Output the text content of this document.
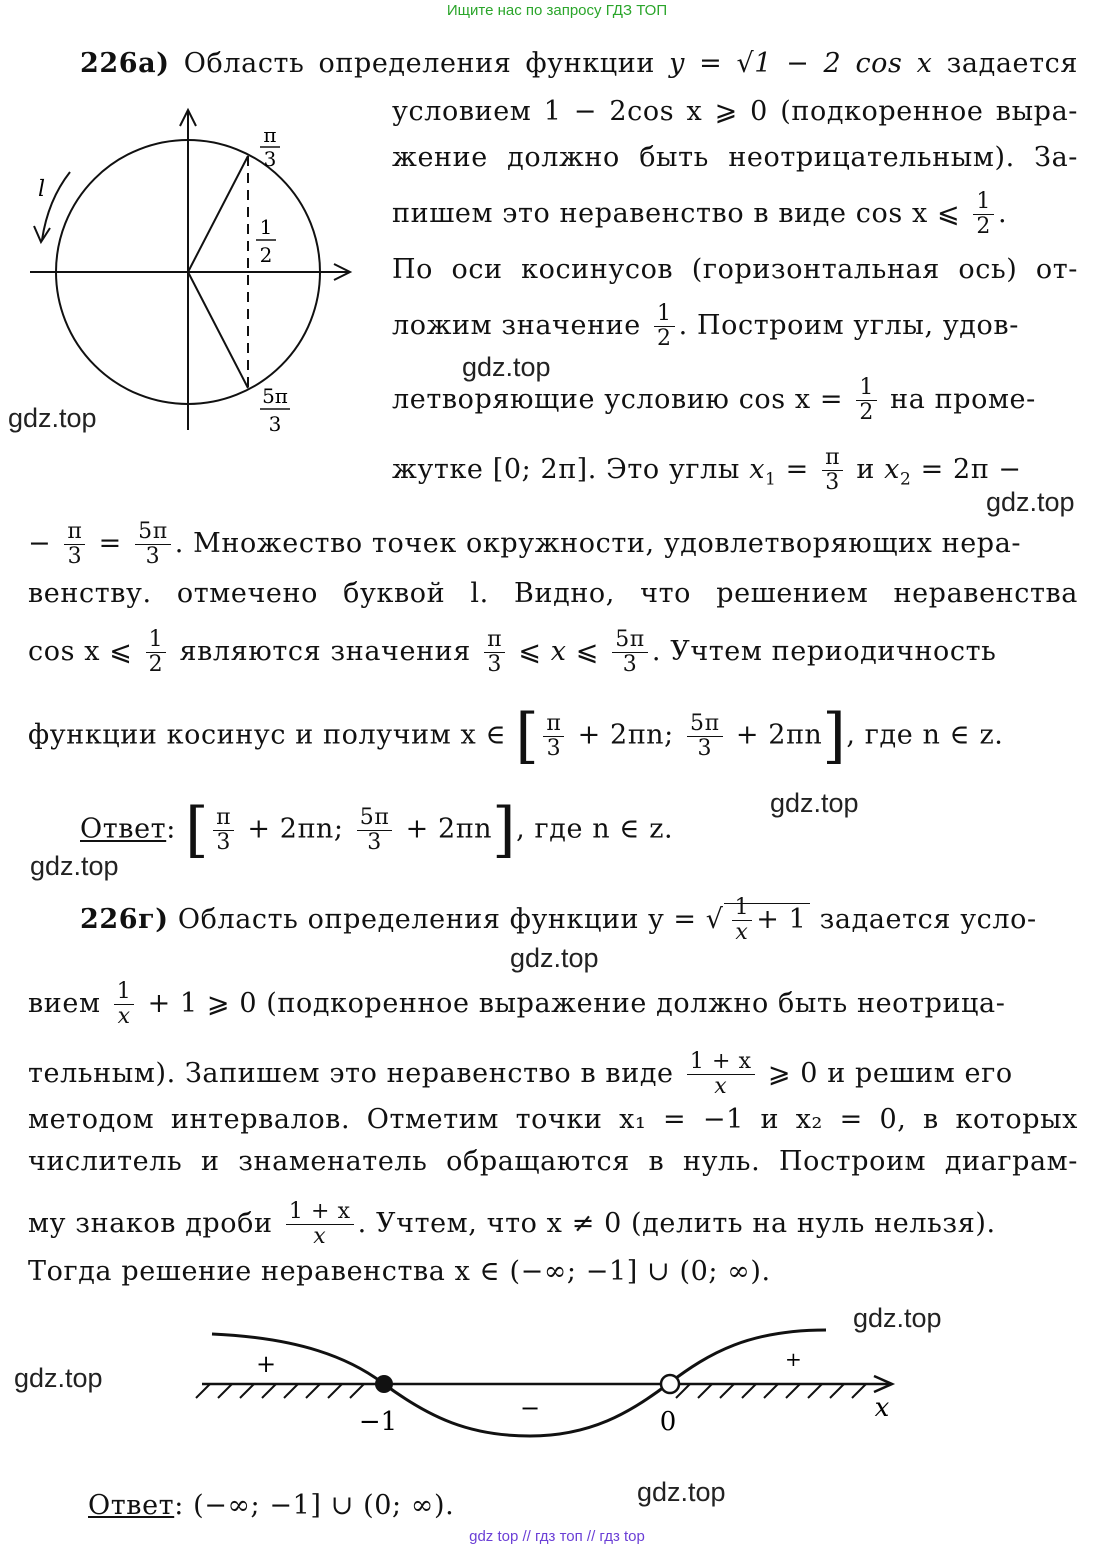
Ищите нас по запросу ГДЗ ТОП
gdz top // гдз топ // гдз top
gdz.top
gdz.top
gdz.top
gdz.top
gdz.top
gdz.top
gdz.top
gdz.top
gdz.top
226а) Область определения функции y = √1 − 2 cos x задается
l
π
3
1
2
5π
3
условием 1 − 2cos x ⩾ 0 (подкоренное выра-
жение должно быть неотрицательным). За-
пишем это неравенство в виде cos x ⩽ $\frac{1}{2}$ .
По оси косинусов (горизонтальная ось) от-
ложим значение $\frac{1}{2}$ . Построим углы, удов-
летворяющие условию $\cos x = \frac{1}{2}$ на проме-
жутке [0; 2π]. Это углы $x_1 = \frac{\pi}{3}$ и $x_2 = 2\pi$ −
− $\frac{\pi}{3} = \frac{5\pi}{3}$ . Множество точек окружности, удовлетворяющих нера-
венству. отмечено буквой l. Видно, что решением неравенства
cos x ⩽ $\frac{1}{2}$ являются значения $\frac{\pi}{3}$ ⩽ x ⩽ $\frac{5\pi}{3}$ . Учтем периодичность
функции косинус и получим x ∈ [ $\frac{\pi}{3} + 2\pi n$; $\frac{5\pi}{3} + 2\pi n$], где n ∈ z.
Ответ: [ $\frac{\pi}{3} + 2\pi n$; $\frac{5\pi}{3} + 2\pi n$], где n ∈ z.
226г) Область определения функции y = √ $\frac{1}{x} + 1$ задается усло-
вием $\frac{1}{x} + 1$ ⩾ 0 (подкоренное выражение должно быть неотрица-
тельным). Запишем это неравенство в виде $\frac{1 + x}{x}$ ⩾ 0 и решим его
методом интервалов. Отметим точки x₁ = −1 и x₂ = 0, в которых
числитель и знаменатель обращаются в нуль. Построим диаграм-
му знаков дроби $\frac{1 + x}{x}$ . Учтем, что x ≠ 0 (делить на нуль нельзя).
Тогда решение неравенства x ∈ (−∞; −1] ∪ (0; ∞).
+
−
+
−1	0	x
Ответ: (−∞; −1] ∪ (0; ∞).
